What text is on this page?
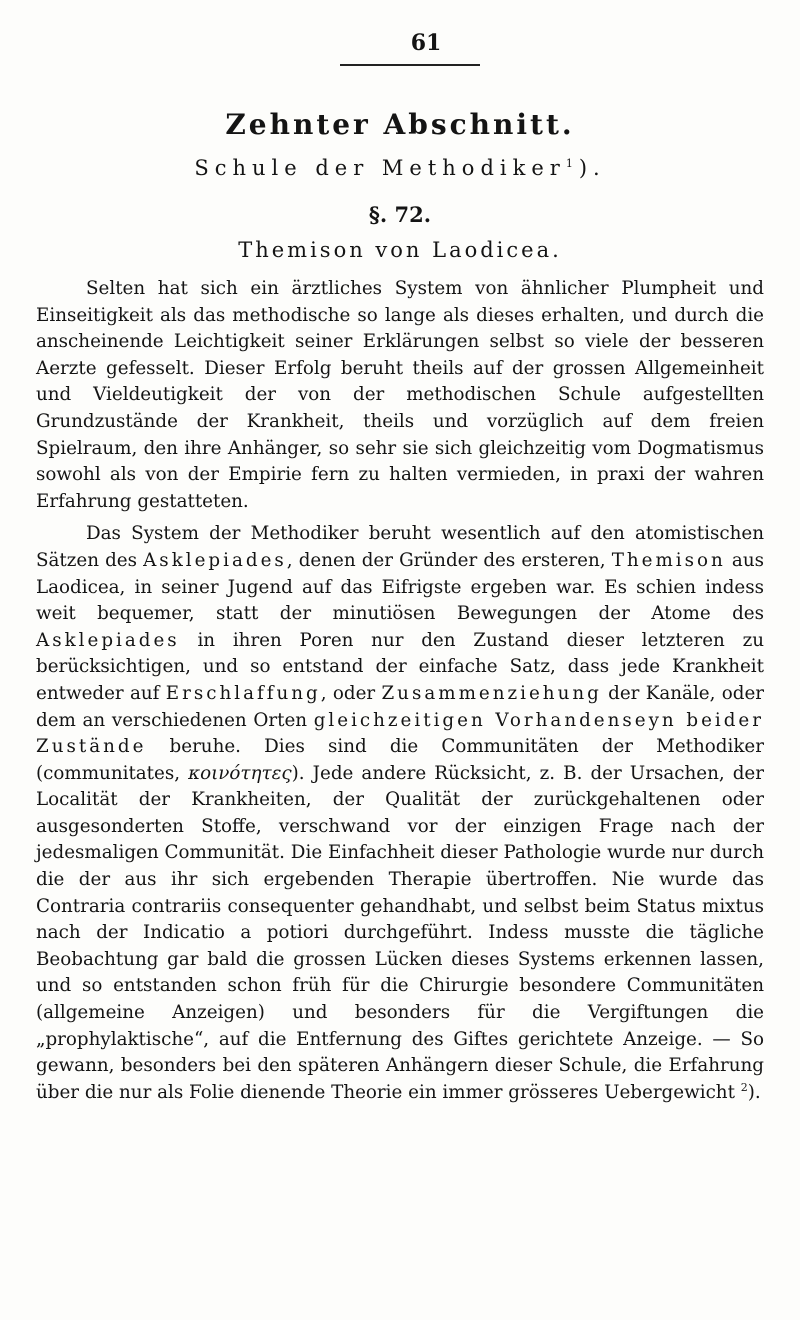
61
Zehnter Abschnitt.
Schule der Methodiker$^1$).
§. 72.
Themison von Laodicea.

Selten hat sich ein ärztliches System von ähnlicher Plumpheit und Einseitigkeit als das methodische so lange als dieses erhalten, und durch die anscheinende Leichtigkeit seiner Erklärungen selbst so viele der besseren Aerzte gefesselt. Dieser Erfolg beruht theils auf der grossen Allgemeinheit und Vieldeutigkeit der von der methodischen Schule aufgestellten Grundzustände der Krankheit, theils und vorzüglich auf dem freien Spielraum, den ihre Anhänger, so sehr sie sich gleichzeitig vom Dogmatismus sowohl als von der Empirie fern zu halten vermieden, in praxi der wahren Erfahrung gestatteten.

Das System der Methodiker beruht wesentlich auf den atomistischen Sätzen des Asklepiades, denen der Gründer des ersteren, Themison aus Laodicea, in seiner Jugend auf das Eifrigste ergeben war. Es schien indess weit bequemer, statt der minutiösen Bewegungen der Atome des Asklepiades in ihren Poren nur den Zustand dieser letzteren zu berücksichtigen, und so entstand der einfache Satz, dass jede Krankheit entweder auf Erschlaffung, oder Zusammenziehung der Kanäle, oder dem an verschiedenen Orten gleichzeitigen Vorhandenseyn beider Zustände beruhe. Dies sind die Communitäten der Methodiker (communitates, κοινότητες). Jede andere Rücksicht, z. B. der Ursachen, der Localität der Krankheiten, der Qualität der zurückgehaltenen oder ausgesonderten Stoffe, verschwand vor der einzigen Frage nach der jedesmaligen Communität. Die Einfachheit dieser Pathologie wurde nur durch die der aus ihr sich ergebenden Therapie übertroffen. Nie wurde das Contraria contrariis consequenter gehandhabt, und selbst beim Status mixtus nach der Indicatio a potiori durchgeführt. Indess musste die tägliche Beobachtung gar bald die grossen Lücken dieses Systems erkennen lassen, und so entstanden schon früh für die Chirurgie besondere Communitäten (allgemeine Anzeigen) und besonders für die Vergiftungen die „prophylaktische“, auf die Entfernung des Giftes gerichtete Anzeige. — So gewann, besonders bei den späteren Anhängern dieser Schule, die Erfahrung über die nur als Folie dienende Theorie ein immer grösseres Uebergewicht $^2$).
